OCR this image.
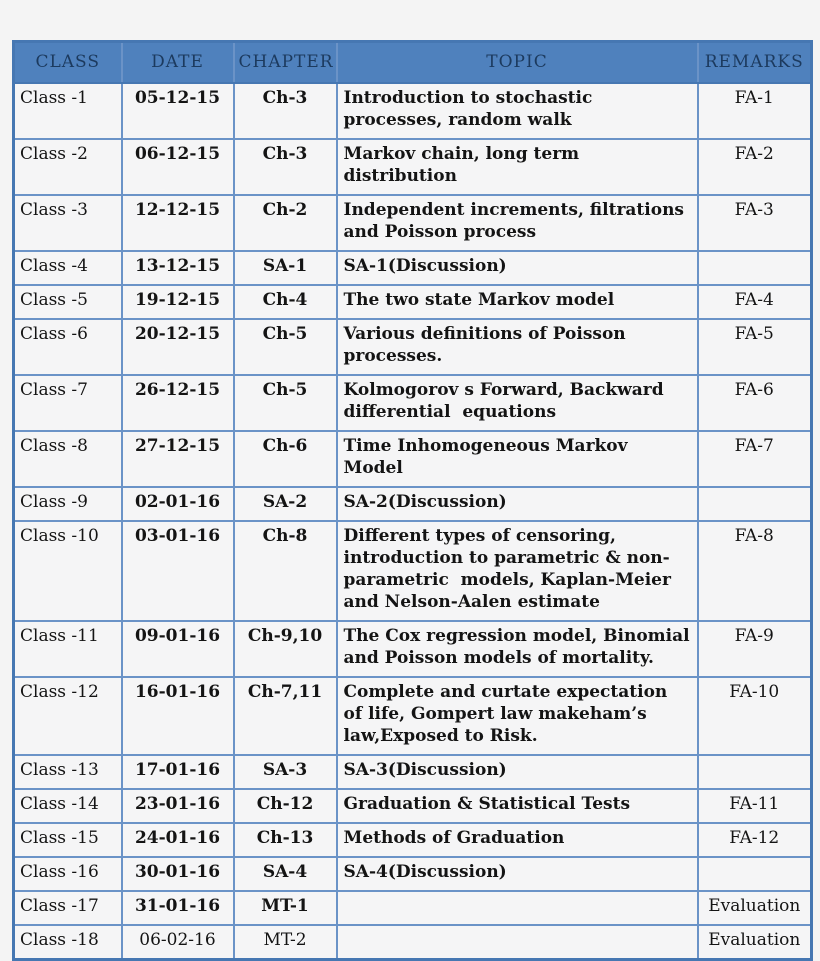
CLASS	DATE	CHAPTER	TOPIC	REMARKS
Class -1	05-12-15	Ch-3	Introduction to stochastic processes, random walk	FA-1
Class -2	06-12-15	Ch-3	Markov chain, long term distribution	FA-2
Class -3	12-12-15	Ch-2	Independent increments, filtrations and Poisson process	FA-3
Class -4	13-12-15	SA-1	SA-1(Discussion)	
Class -5	19-12-15	Ch-4	The two state Markov model	FA-4
Class -6	20-12-15	Ch-5	Various definitions of Poisson processes.	FA-5
Class -7	26-12-15	Ch-5	Kolmogorov s Forward, Backward differential  equations	FA-6
Class -8	27-12-15	Ch-6	Time Inhomogeneous Markov Model	FA-7
Class -9	02-01-16	SA-2	SA-2(Discussion)	
Class -10	03-01-16	Ch-8	Different types of censoring, introduction to parametric & non-parametric  models, Kaplan-Meier and Nelson-Aalen estimate	FA-8
Class -11	09-01-16	Ch-9,10	The Cox regression model, Binomial and Poisson models of mortality.	FA-9
Class -12	16-01-16	Ch-7,11	Complete and curtate expectation of life, Gompert law makeham’s law,Exposed to Risk.	FA-10
Class -13	17-01-16	SA-3	SA-3(Discussion)	
Class -14	23-01-16	Ch-12	Graduation & Statistical Tests	FA-11
Class -15	24-01-16	Ch-13	Methods of Graduation	FA-12
Class -16	30-01-16	SA-4	SA-4(Discussion)	
Class -17	31-01-16	MT-1		Evaluation
Class -18	06-02-16	MT-2		Evaluation
